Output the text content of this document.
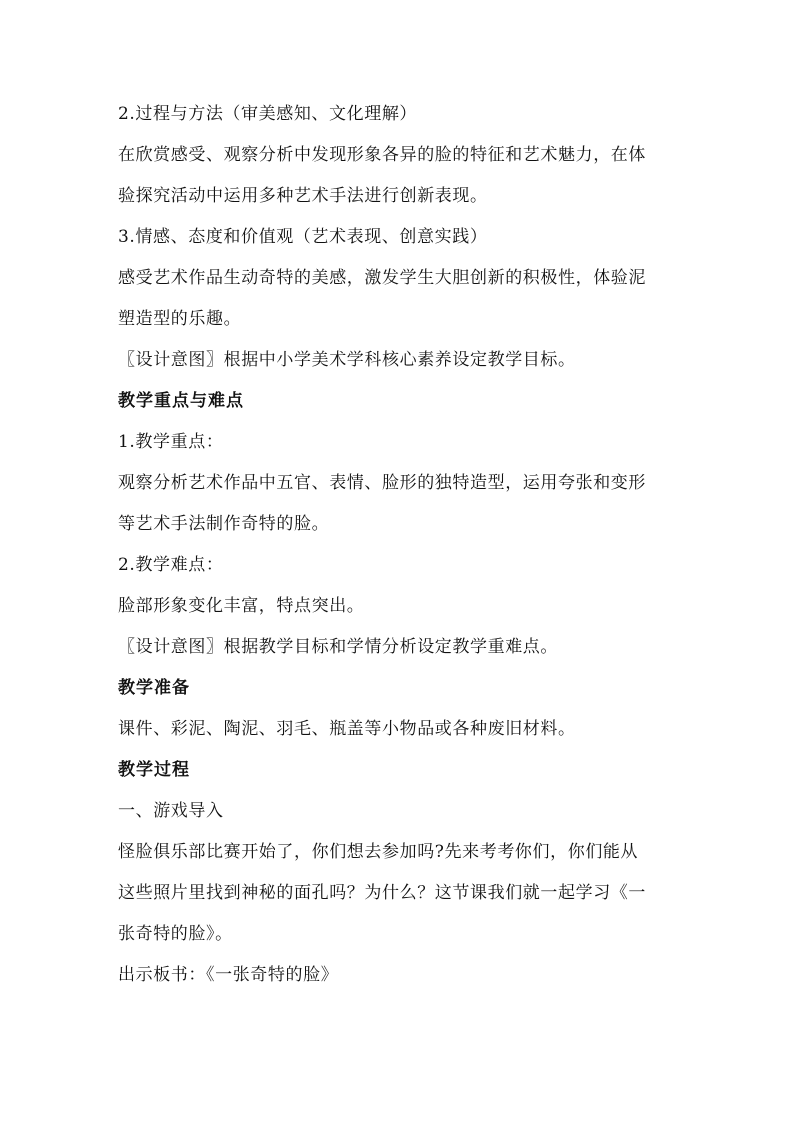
2.过程与方法（审美感知、文化理解）

在欣赏感受、观察分析中发现形象各异的脸的特征和艺术魅力，在体

验探究活动中运用多种艺术手法进行创新表现。

3.情感、态度和价值观（艺术表现、创意实践）

感受艺术作品生动奇特的美感，激发学生大胆创新的积极性，体验泥

塑造型的乐趣。

〖设计意图〗根据中小学美术学科核心素养设定教学目标。

教学重点与难点

1.教学重点：

观察分析艺术作品中五官、表情、脸形的独特造型，运用夸张和变形

等艺术手法制作奇特的脸。

2.教学难点：

脸部形象变化丰富，特点突出。

〖设计意图〗根据教学目标和学情分析设定教学重难点。

教学准备

课件、彩泥、陶泥、羽毛、瓶盖等小物品或各种废旧材料。

教学过程

一、游戏导入

怪脸俱乐部比赛开始了，你们想去参加吗?先来考考你们，你们能从

这些照片里找到神秘的面孔吗？为什么？这节课我们就一起学习《一

张奇特的脸》。

出示板书：《一张奇特的脸》
